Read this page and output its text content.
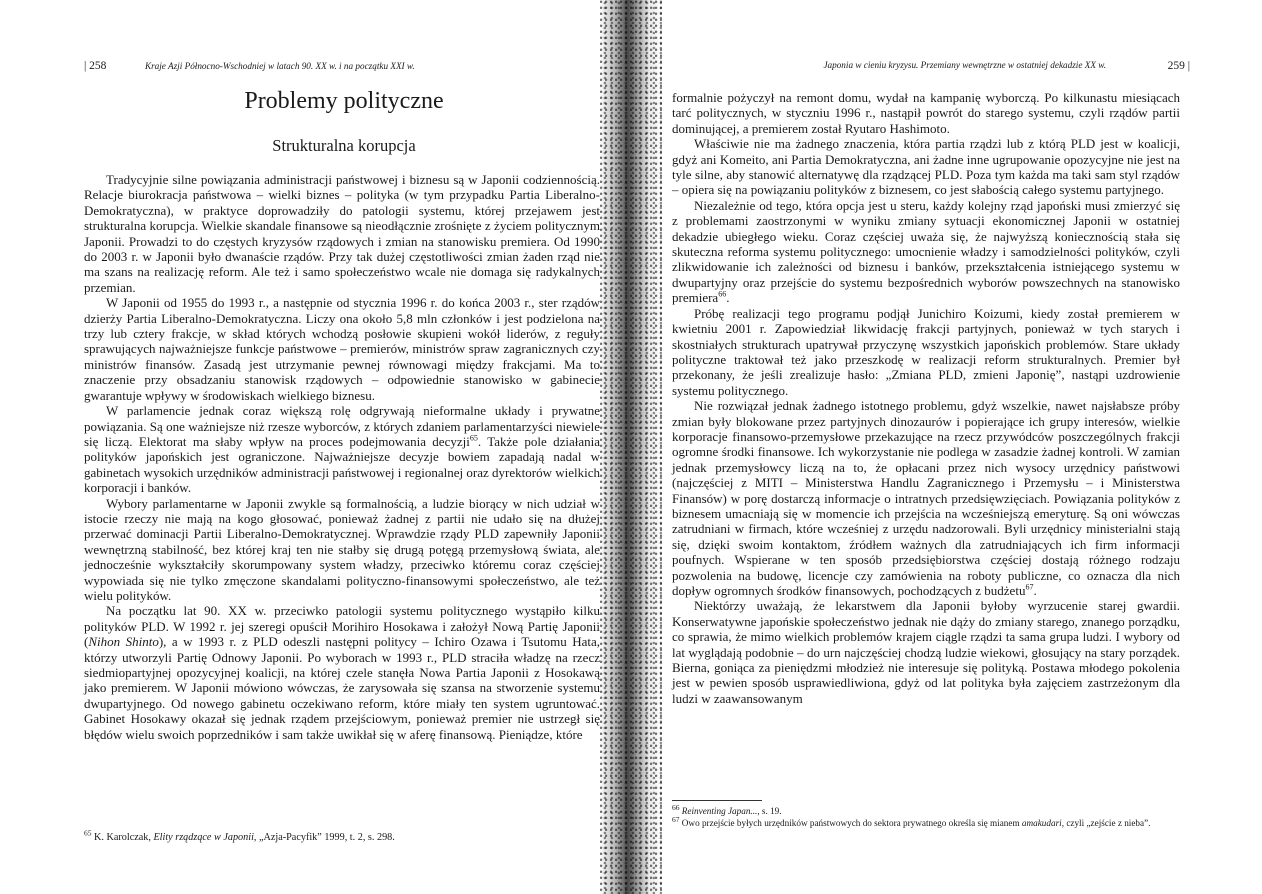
| 258	Kraje Azji Północno-Wschodniej w latach 90. XX w. i na początku XXI w.
Problemy polityczne
Strukturalna korupcja

Tradycyjnie silne powiązania administracji państwowej i biznesu są w Japonii codziennością. Relacje biurokracja państwowa – wielki biznes – polityka (w tym przypadku Partia Liberalno-Demokratyczna), w praktyce doprowadziły do patologii systemu, której przejawem jest strukturalna korupcja. Wielkie skandale finansowe są nieodłącznie zrośnięte z życiem politycznym Japonii. Prowadzi to do częstych kryzysów rządowych i zmian na stanowisku premiera. Od 1990 do 2003 r. w Japonii było dwanaście rządów. Przy tak dużej częstotliwości zmian żaden rząd nie ma szans na realizację reform. Ale też i samo społeczeństwo wcale nie domaga się radykalnych przemian.

W Japonii od 1955 do 1993 r., a następnie od stycznia 1996 r. do końca 2003 r., ster rządów dzierży Partia Liberalno-Demokratyczna. Liczy ona około 5,8 mln członków i jest podzielona na trzy lub cztery frakcje, w skład których wchodzą posłowie skupieni wokół liderów, z reguły sprawujących najważniejsze funkcje państwowe – premierów, ministrów spraw zagranicznych czy ministrów finansów. Zasadą jest utrzymanie pewnej równowagi między frakcjami. Ma to znaczenie przy obsadzaniu stanowisk rządowych – odpowiednie stanowisko w gabinecie gwarantuje wpływy w środowiskach wielkiego biznesu.

W parlamencie jednak coraz większą rolę odgrywają nieformalne układy i prywatne powiązania. Są one ważniejsze niż rzesze wyborców, z których zdaniem parlamentarzyści niewiele się liczą. Elektorat ma słaby wpływ na proces podejmowania decyzji$^{65}$. Także pole działania polityków japońskich jest ograniczone. Najważniejsze decyzje bowiem zapadają nadal w gabinetach wysokich urzędników administracji państwowej i regionalnej oraz dyrektorów wielkich korporacji i banków.

Wybory parlamentarne w Japonii zwykle są formalnością, a ludzie biorący w nich udział w istocie rzeczy nie mają na kogo głosować, ponieważ żadnej z partii nie udało się na dłużej przerwać dominacji Partii Liberalno-Demokratycznej. Wprawdzie rządy PLD zapewniły Japonii wewnętrzną stabilność, bez której kraj ten nie stałby się drugą potęgą przemysłową świata, ale jednocześnie wykształciły skorumpowany system władzy, przeciwko któremu coraz częściej wypowiada się nie tylko zmęczone skandalami polityczno-finansowymi społeczeństwo, ale też wielu polityków.

Na początku lat 90. XX w. przeciwko patologii systemu politycznego wystąpiło kilku polityków PLD. W 1992 r. jej szeregi opuścił Morihiro Hosokawa i założył Nową Partię Japonii (Nihon Shinto), a w 1993 r. z PLD odeszli następni politycy – Ichiro Ozawa i Tsutomu Hata, którzy utworzyli Partię Odnowy Japonii. Po wyborach w 1993 r., PLD straciła władzę na rzecz siedmiopartyjnej opozycyjnej koalicji, na której czele stanęła Nowa Partia Japonii z Hosokawą jako premierem. W Japonii mówiono wówczas, że zarysowała się szansa na stworzenie systemu dwupartyjnego. Od nowego gabinetu oczekiwano reform, które miały ten system ugruntować. Gabinet Hosokawy okazał się jednak rządem przejściowym, ponieważ premier nie ustrzegł się błędów wielu swoich poprzedników i sam także uwikłał się w aferę finansową. Pieniądze, które

$^{65}$ K. Karolczak, Elity rządzące w Japonii, „Azja-Pacyfik” 1999, t. 2, s. 298.
Japonia w cieniu kryzysu. Przemiany wewnętrzne w ostatniej dekadzie XX w.	259 |

formalnie pożyczył na remont domu, wydał na kampanię wyborczą. Po kilkunastu miesiącach tarć politycznych, w styczniu 1996 r., nastąpił powrót do starego systemu, czyli rządów partii dominującej, a premierem został Ryutaro Hashimoto.

Właściwie nie ma żadnego znaczenia, która partia rządzi lub z którą PLD jest w koalicji, gdyż ani Komeito, ani Partia Demokratyczna, ani żadne inne ugrupowanie opozycyjne nie jest na tyle silne, aby stanowić alternatywę dla rządzącej PLD. Poza tym każda ma taki sam styl rządów – opiera się na powiązaniu polityków z biznesem, co jest słabością całego systemu partyjnego.

Niezależnie od tego, która opcja jest u steru, każdy kolejny rząd japoński musi zmierzyć się z problemami zaostrzonymi w wyniku zmiany sytuacji ekonomicznej Japonii w ostatniej dekadzie ubiegłego wieku. Coraz częściej uważa się, że najwyższą koniecznością stała się skuteczna reforma systemu politycznego: umocnienie władzy i samodzielności polityków, czyli zlikwidowanie ich zależności od biznesu i banków, przekształcenia istniejącego systemu w dwupartyjny oraz przejście do systemu bezpośrednich wyborów powszechnych na stanowisko premiera$^{66}$.

Próbę realizacji tego programu podjął Junichiro Koizumi, kiedy został premierem w kwietniu 2001 r. Zapowiedział likwidację frakcji partyjnych, ponieważ w tych starych i skostniałych strukturach upatrywał przyczynę wszystkich japońskich problemów. Stare układy polityczne traktował też jako przeszkodę w realizacji reform strukturalnych. Premier był przekonany, że jeśli zrealizuje hasło: „Zmiana PLD, zmieni Japonię”, nastąpi uzdrowienie systemu politycznego.

Nie rozwiązał jednak żadnego istotnego problemu, gdyż wszelkie, nawet najsłabsze próby zmian były blokowane przez partyjnych dinozaurów i popierające ich grupy interesów, wielkie korporacje finansowo-przemysłowe przekazujące na rzecz przywódców poszczególnych frakcji ogromne środki finansowe. Ich wykorzystanie nie podlega w zasadzie żadnej kontroli. W zamian jednak przemysłowcy liczą na to, że opłacani przez nich wysocy urzędnicy państwowi (najczęściej z MITI – Ministerstwa Handlu Zagranicznego i Przemysłu – i Ministerstwa Finansów) w porę dostarczą informacje o intratnych przedsięwzięciach. Powiązania polityków z biznesem umacniają się w momencie ich przejścia na wcześniejszą emeryturę. Są oni wówczas zatrudniani w firmach, które wcześniej z urzędu nadzorowali. Byli urzędnicy ministerialni stają się, dzięki swoim kontaktom, źródłem ważnych dla zatrudniających ich firm informacji poufnych. Wspierane w ten sposób przedsiębiorstwa częściej dostają różnego rodzaju pozwolenia na budowę, licencje czy zamówienia na roboty publiczne, co oznacza dla nich dopływ ogromnych środków finansowych, pochodzących z budżetu$^{67}$.

Niektórzy uważają, że lekarstwem dla Japonii byłoby wyrzucenie starej gwardii. Konserwatywne japońskie społeczeństwo jednak nie dąży do zmiany starego, znanego porządku, co sprawia, że mimo wielkich problemów krajem ciągle rządzi ta sama grupa ludzi. I wybory od lat wyglądają podobnie – do urn najczęściej chodzą ludzie wiekowi, głosujący na stary porządek. Bierna, goniąca za pieniędzmi młodzież nie interesuje się polityką. Postawa młodego pokolenia jest w pewien sposób usprawiedliwiona, gdyż od lat polityka była zajęciem zastrzeżonym dla ludzi w zaawansowanym

$^{66}$ Reinventing Japan..., s. 19.
$^{67}$ Owo przejście byłych urzędników państwowych do sektora prywatnego określa się mianem amakudari, czyli „zejście z nieba”.
